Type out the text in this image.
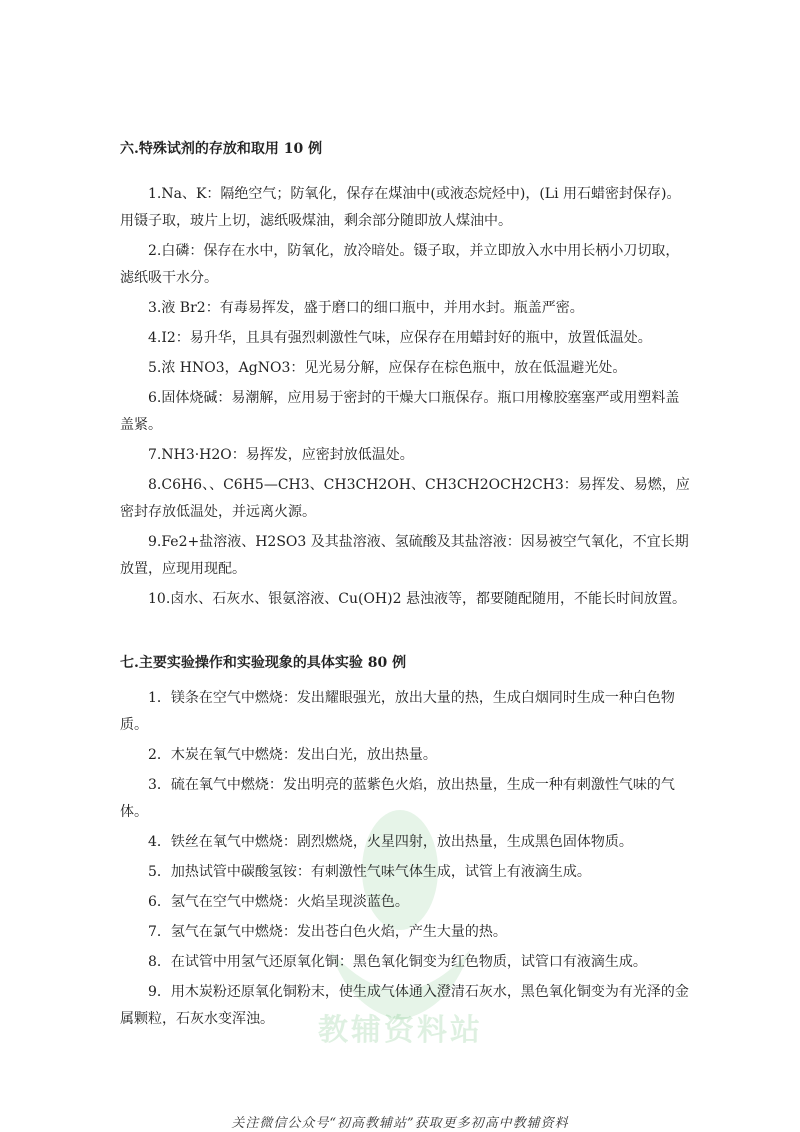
教辅资料站
六.特殊试剂的存放和取用 10 例

1.Na、K：隔绝空气；防氧化，保存在煤油中(或液态烷烃中)，(Li 用石蜡密封保存)。用镊子取，玻片上切，滤纸吸煤油，剩余部分随即放人煤油中。

2.白磷：保存在水中，防氧化，放冷暗处。镊子取，并立即放入水中用长柄小刀切取，滤纸吸干水分。

3.液 Br2：有毒易挥发，盛于磨口的细口瓶中，并用水封。瓶盖严密。

4.I2：易升华，且具有强烈刺激性气味，应保存在用蜡封好的瓶中，放置低温处。

5.浓 HNO3，AgNO3：见光易分解，应保存在棕色瓶中，放在低温避光处。

6.固体烧碱：易潮解，应用易于密封的干燥大口瓶保存。瓶口用橡胶塞塞严或用塑料盖盖紧。

7.NH3·H2O：易挥发，应密封放低温处。

8.C6H6、、C6H5—CH3、CH3CH2OH、CH3CH2OCH2CH3：易挥发、易燃，应密封存放低温处，并远离火源。

9.Fe2+盐溶液、H2SO3 及其盐溶液、氢硫酸及其盐溶液：因易被空气氧化，不宜长期放置，应现用现配。

10.卤水、石灰水、银氨溶液、Cu(OH)2 悬浊液等，都要随配随用，不能长时间放置。

七.主要实验操作和实验现象的具体实验 80 例

1．镁条在空气中燃烧：发出耀眼强光，放出大量的热，生成白烟同时生成一种白色物质。

2．木炭在氧气中燃烧：发出白光，放出热量。

3．硫在氧气中燃烧：发出明亮的蓝紫色火焰，放出热量，生成一种有刺激性气味的气体。

4．铁丝在氧气中燃烧：剧烈燃烧，火星四射，放出热量，生成黑色固体物质。

5．加热试管中碳酸氢铵：有刺激性气味气体生成，试管上有液滴生成。

6．氢气在空气中燃烧：火焰呈现淡蓝色。

7．氢气在氯气中燃烧：发出苍白色火焰，产生大量的热。

8．在试管中用氢气还原氧化铜：黑色氧化铜变为红色物质，试管口有液滴生成。

9．用木炭粉还原氧化铜粉末，使生成气体通入澄清石灰水，黑色氧化铜变为有光泽的金属颗粒，石灰水变浑浊。

关注微信公众号“初高教辅站”获取更多初高中教辅资料
